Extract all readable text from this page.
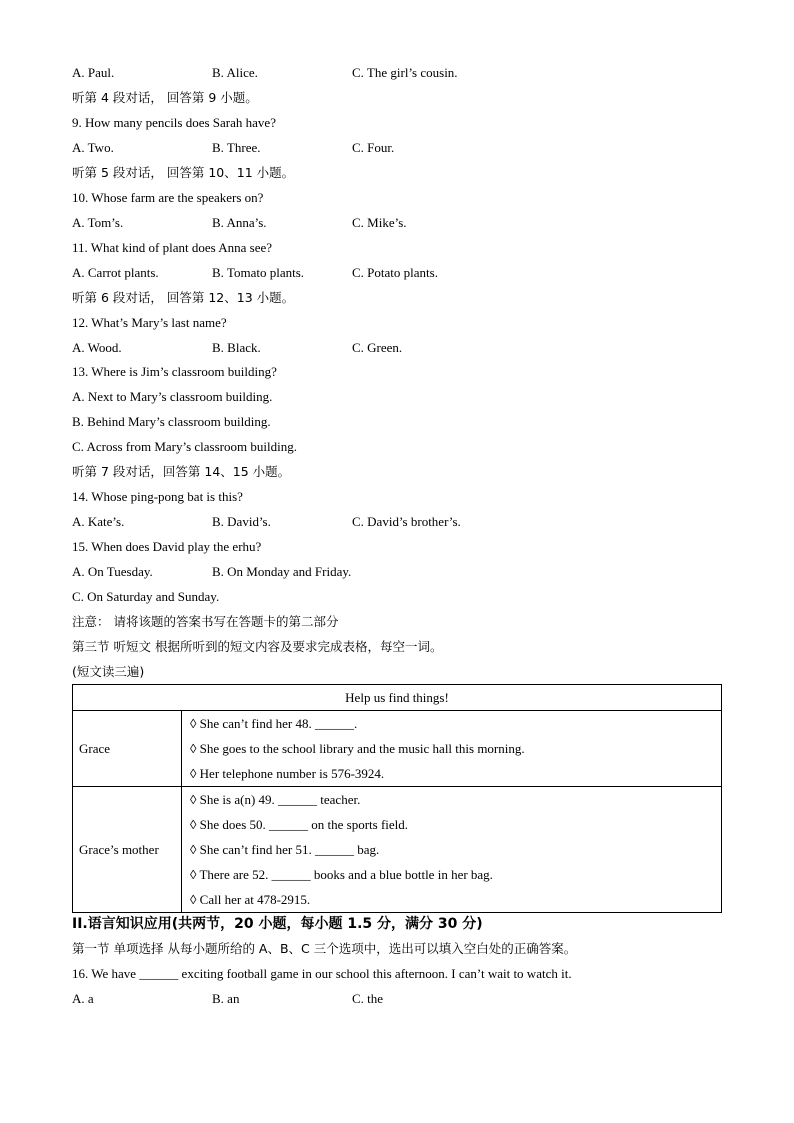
A. Paul.	B. Alice.	C. The girl’s cousin.
听第 4 段对话， 回答第 9 小题。
9. How many pencils does Sarah have?
A. Two.	B. Three.	C. Four.
听第 5 段对话， 回答第 10、11 小题。
10. Whose farm are the speakers on?
A. Tom’s.	B. Anna’s.	C. Mike’s.
11. What kind of plant does Anna see?
A. Carrot plants.	B. Tomato plants.	C. Potato plants.
听第 6 段对话， 回答第 12、13 小题。
12. What’s Mary’s last name?
A. Wood.	B. Black.	C. Green.
13. Where is Jim’s classroom building?
A. Next to Mary’s classroom building.
B. Behind Mary’s classroom building.
C. Across from Mary’s classroom building.
听第 7 段对话，回答第 14、15 小题。
14. Whose ping-pong bat is this?
A. Kate’s.	B. David’s.	C. David’s brother’s.
15. When does David play the erhu?
A. On Tuesday.	B. On Monday and Friday.
C. On Saturday and Sunday.
注意： 请将该题的答案书写在答题卡的第二部分
第三节 听短文 根据所听到的短文内容及要求完成表格，每空一词。
(短文读三遍)
Help us find things!	
Grace	◊ She can’t find her 48. ______.
◊ She goes to the school library and the music hall this morning.
◊ Her telephone number is 576-3924.

Grace’s mother	◊ She is a(n) 49. ______ teacher.
◊ She does 50. ______ on the sports field.
◊ She can’t find her 51. ______ bag.
◊ There are 52. ______ books and a blue bottle in her bag.
◊ Call her at 478-2915.
II.语言知识应用(共两节，20 小题，每小题 1.5 分，满分 30 分)
第一节 单项选择 从每小题所给的 A、B、C 三个选项中，选出可以填入空白处的正确答案。
16. We have ______ exciting football game in our school this afternoon. I can’t wait to watch it.
A. a	B. an	C. the
